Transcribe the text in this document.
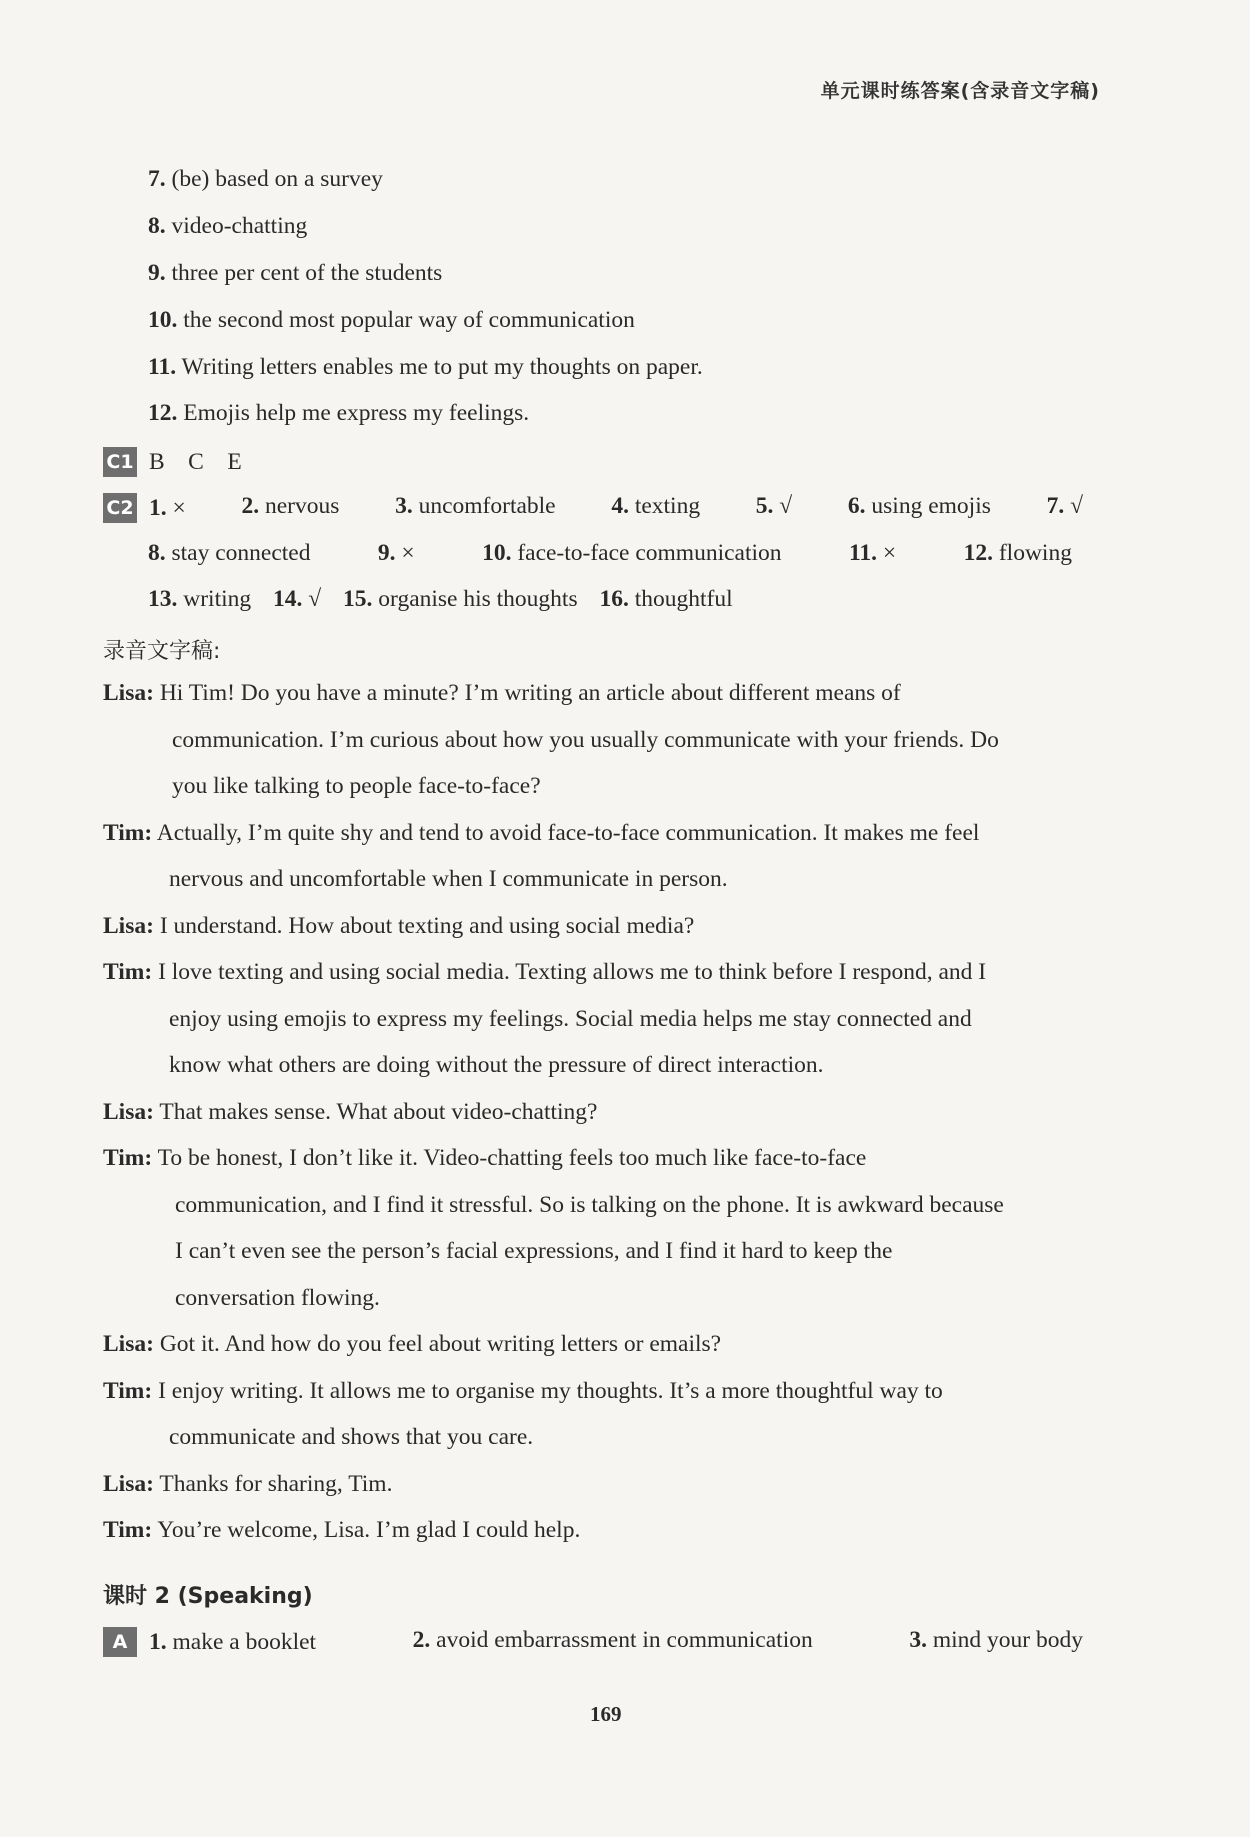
单元课时练答案(含录音文字稿)
7. (be) based on a survey
8. video-chatting
9. three per cent of the students
10. the second most popular way of communication
11. Writing letters enables me to put my thoughts on paper.
12. Emojis help me express my feelings.
C1 B    C    E
C2 1. × 2. nervous 3. uncomfortable 4. texting 5. √ 6. using emojis 7. √
8. stay connected	9. ×	10. face-to-face communication	11. ×	12. flowing
13. writing 14. √ 15. organise his thoughts 16. thoughtful
录音文字稿:
Lisa: Hi Tim! Do you have a minute? I’m writing an article about different means of
communication. I’m curious about how you usually communicate with your friends. Do
you like talking to people face-to-face?
Tim: Actually, I’m quite shy and tend to avoid face-to-face communication. It makes me feel
nervous and uncomfortable when I communicate in person.
Lisa: I understand. How about texting and using social media?
Tim: I love texting and using social media. Texting allows me to think before I respond, and I
enjoy using emojis to express my feelings. Social media helps me stay connected and
know what others are doing without the pressure of direct interaction.
Lisa: That makes sense. What about video-chatting?
Tim: To be honest, I don’t like it. Video-chatting feels too much like face-to-face
communication, and I find it stressful. So is talking on the phone. It is awkward because
I can’t even see the person’s facial expressions, and I find it hard to keep the
conversation flowing.
Lisa: Got it. And how do you feel about writing letters or emails?
Tim: I enjoy writing. It allows me to organise my thoughts. It’s a more thoughtful way to
communicate and shows that you care.
Lisa: Thanks for sharing, Tim.
Tim: You’re welcome, Lisa. I’m glad I could help.
课时 2 (Speaking)
A 1. make a booklet	2. avoid embarrassment in communication	3. mind your body
169
